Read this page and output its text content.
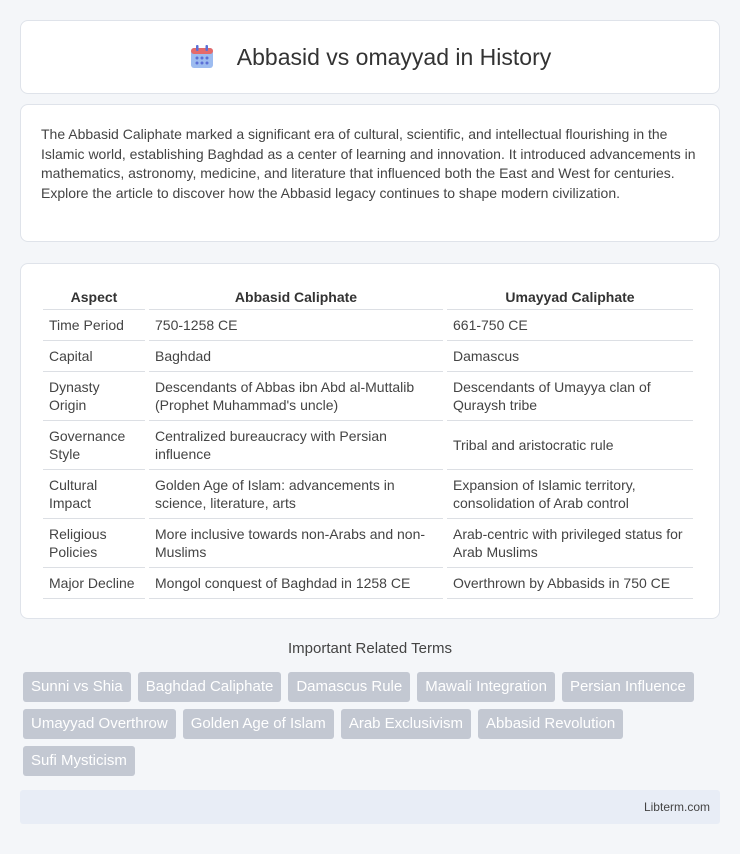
Abbasid vs omayyad in History

The Abbasid Caliphate marked a significant era of cultural, scientific, and intellectual flourishing in the Islamic world, establishing Baghdad as a center of learning and innovation. It introduced advancements in mathematics, astronomy, medicine, and literature that influenced both the East and West for centuries. Explore the article to discover how the Abbasid legacy continues to shape modern civilization.

Aspect	Abbasid Caliphate	Umayyad Caliphate
Time Period	750-1258 CE	661-750 CE
Capital	Baghdad	Damascus
Dynasty Origin	Descendants of Abbas ibn Abd al-Muttalib (Prophet Muhammad's uncle)	Descendants of Umayya clan of Quraysh tribe
Governance Style	Centralized bureaucracy with Persian influence	Tribal and aristocratic rule
Cultural Impact	Golden Age of Islam: advancements in science, literature, arts	Expansion of Islamic territory, consolidation of Arab control
Religious Policies	More inclusive towards non-Arabs and non-Muslims	Arab-centric with privileged status for Arab Muslims
Major Decline	Mongol conquest of Baghdad in 1258 CE	Overthrown by Abbasids in 750 CE
Important Related Terms
Sunni vs Shia	Baghdad Caliphate	Damascus Rule	Mawali Integration	Persian Influence
Umayyad Overthrow	Golden Age of Islam	Arab Exclusivism	Abbasid Revolution
Sufi Mysticism
Libterm.com
